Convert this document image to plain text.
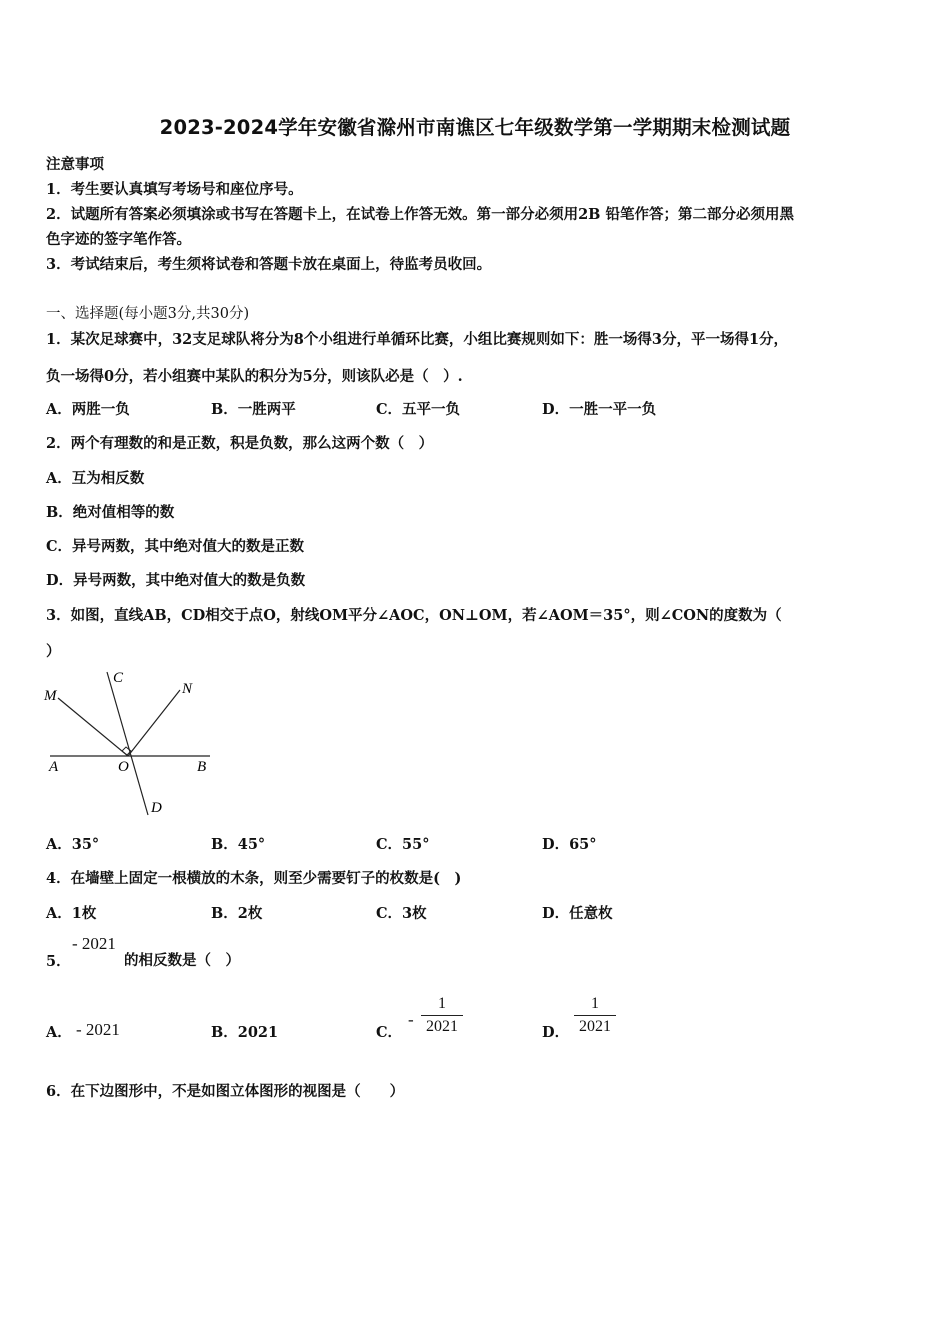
2023-2024学年安徽省滁州市南谯区七年级数学第一学期期末检测试题
注意事项
1．考生要认真填写考场号和座位序号。
2．试题所有答案必须填涂或书写在答题卡上，在试卷上作答无效。第一部分必须用2B 铅笔作答；第二部分必须用黑
色字迹的签字笔作答。
3．考试结束后，考生须将试卷和答题卡放在桌面上，待监考员收回。
一、选择题(每小题3分,共30分)
1．某次足球赛中，32支足球队将分为8个小组进行单循环比赛，小组比赛规则如下：胜一场得3分，平一场得1分，
负一场得0分，若小组赛中某队的积分为5分，则该队必是（　）.
A．两胜一负	B．一胜两平	C．五平一负	D．一胜一平一负
2．两个有理数的和是正数，积是负数，那么这两个数（　）
A．互为相反数
B．绝对值相等的数
C．异号两数，其中绝对值大的数是正数
D．异号两数，其中绝对值大的数是负数
3．如图，直线AB，CD相交于点O，射线OM平分∠AOC，ON⊥OM，若∠AOM＝35°，则∠CON的度数为（
）
M
C
N
A	O	B
D
A．35°	B．45°	C．55°	D．65°
4．在墙壁上固定一根横放的木条，则至少需要钉子的枚数是(　)
A．1枚	B．2枚	C．3枚	D．任意枚
5．
- 2021
的相反数是（　）
A． - 2021	B．2021	C．
-
1
2021	D．
1
2021
6．在下边图形中，不是如图立体图形的视图是（　　）
